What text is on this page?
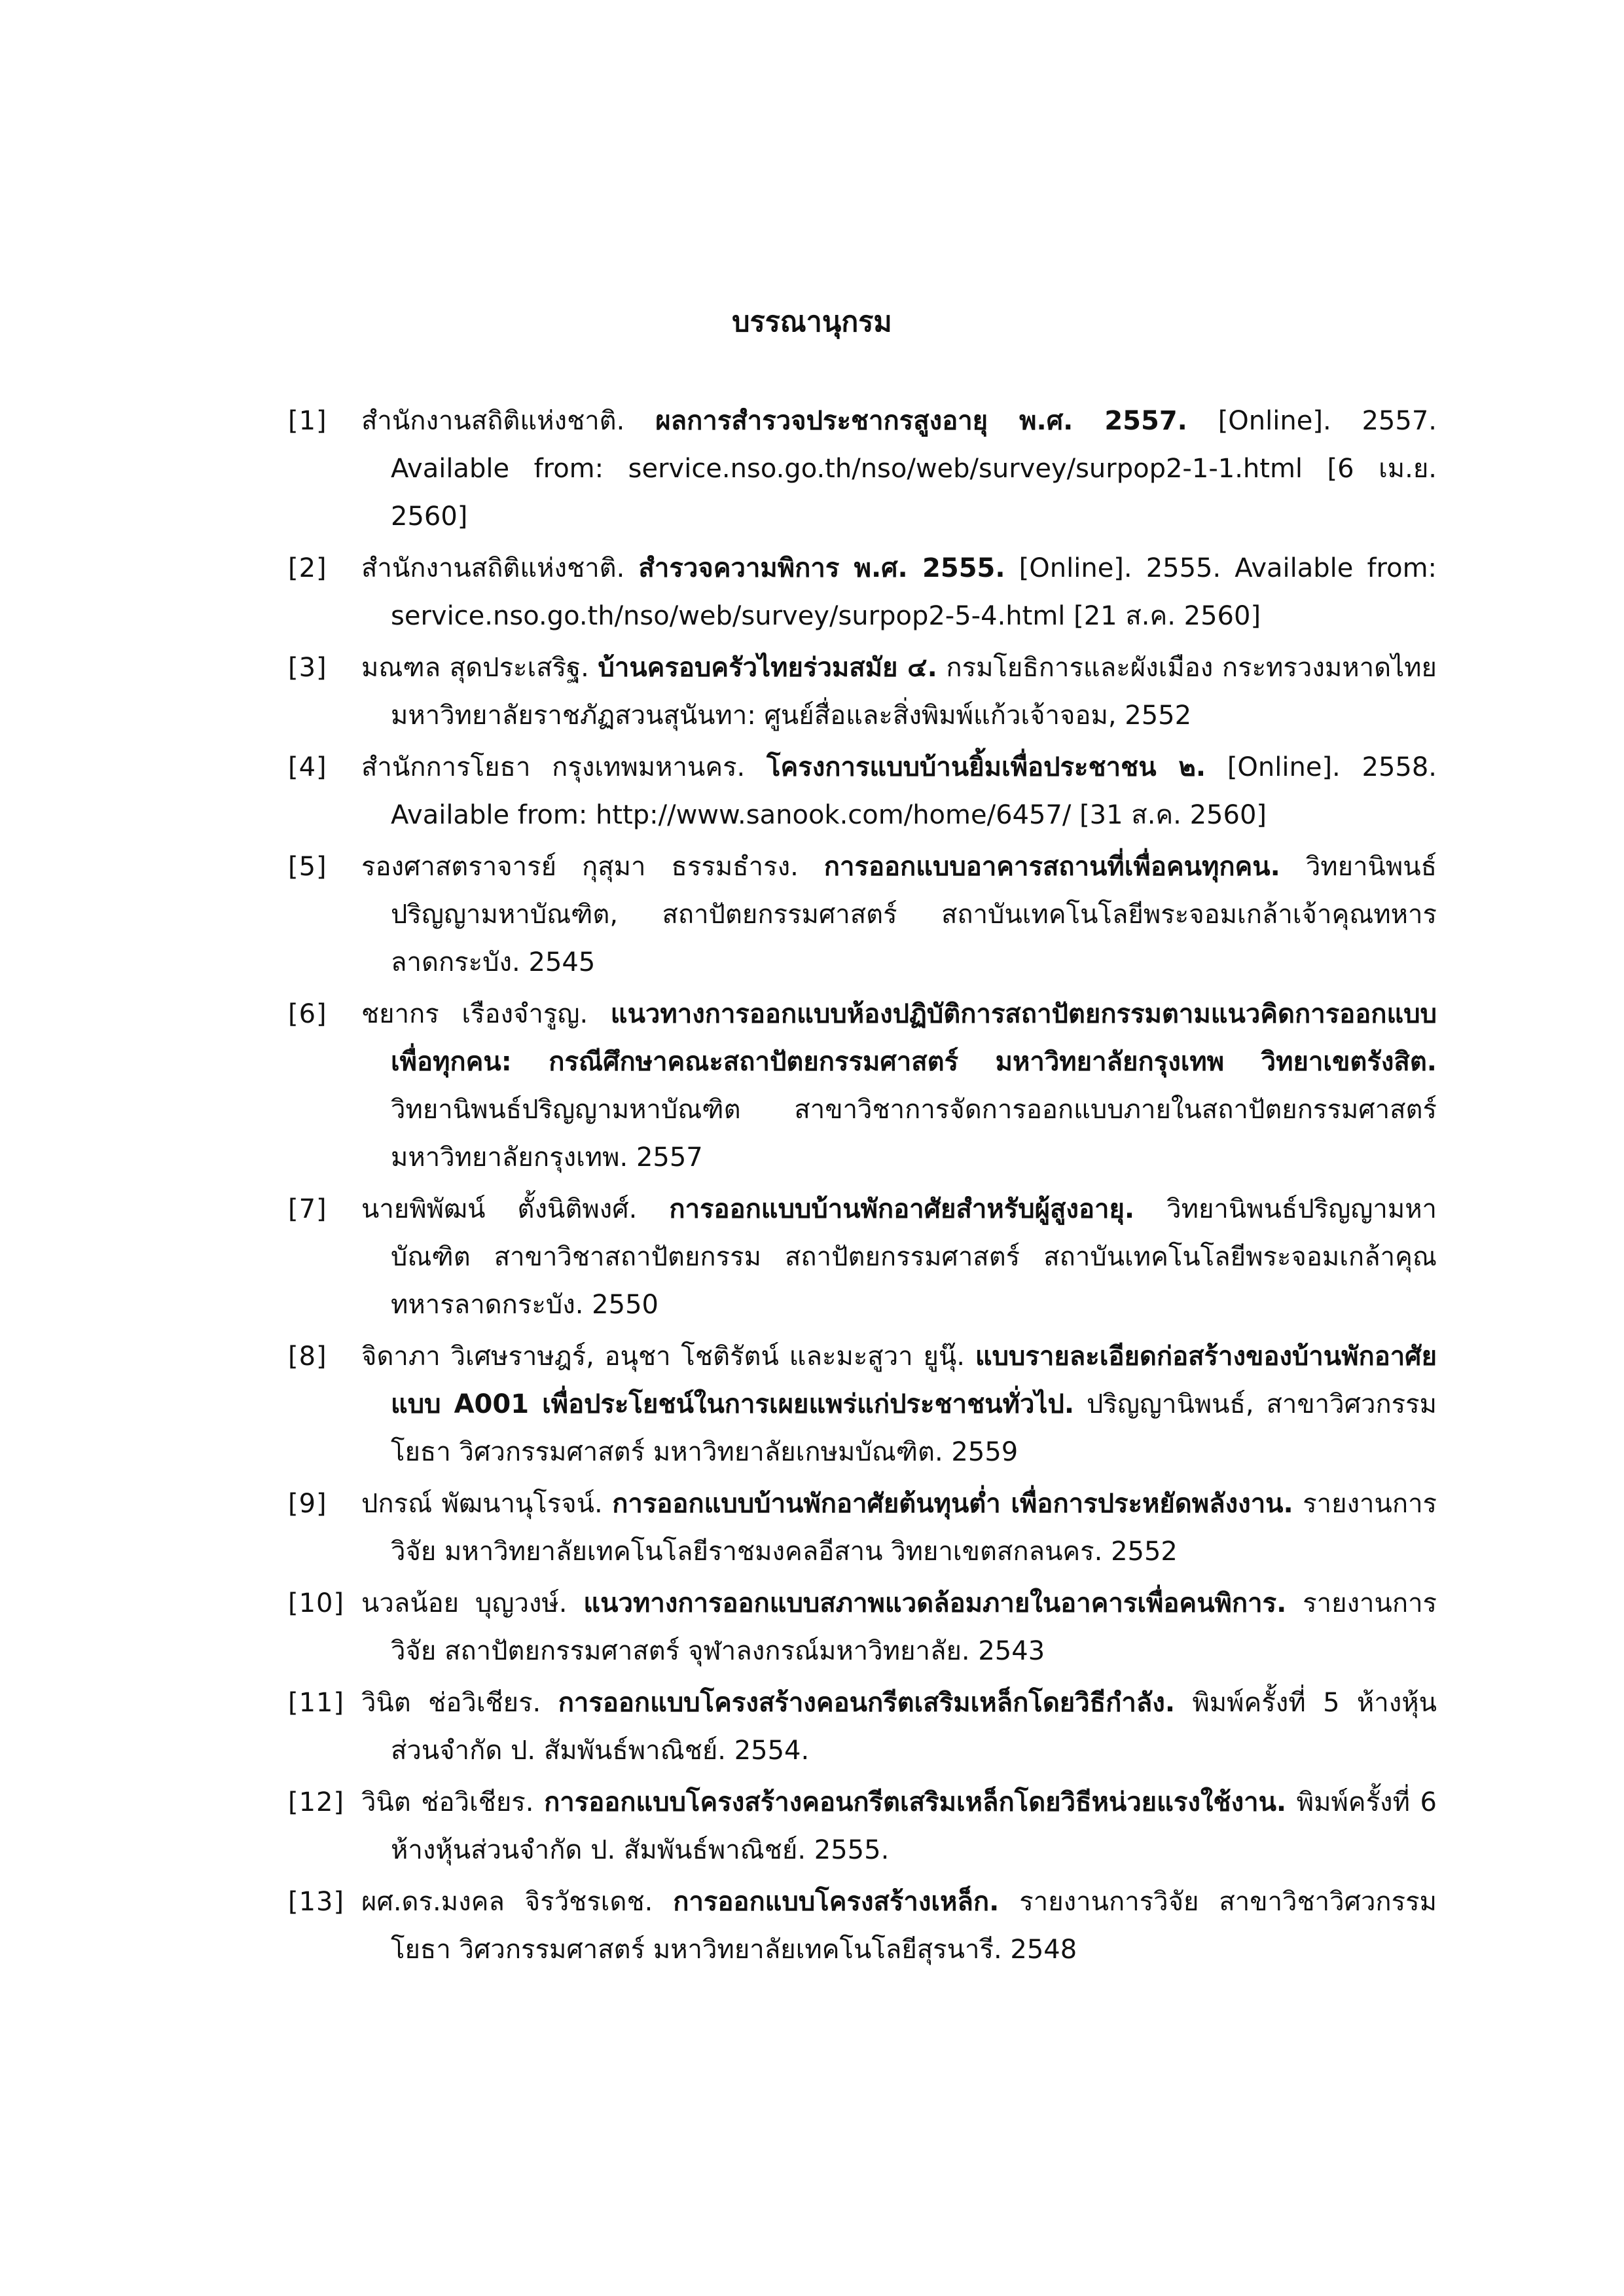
บรรณานุกรม
[1]	สำนักงานสถิติแห่งชาติ. ผลการสำรวจประชากรสูงอายุ พ.ศ. 2557. [Online]. 2557. Available from: service.nso.go.th/nso/web/survey/surpop2-1-1.html [6 เม.ย. 2560]
[2]	สำนักงานสถิติแห่งชาติ. สำรวจความพิการ พ.ศ. 2555. [Online]. 2555. Available from: service.nso.go.th/nso/web/survey/surpop2-5-4.html [21 ส.ค. 2560]
[3]	มณฑล สุดประเสริฐ. บ้านครอบครัวไทยร่วมสมัย ๔. กรมโยธิการและผังเมือง กระทรวงมหาดไทย มหาวิทยาลัยราชภัฏสวนสุนันทา: ศูนย์สื่อและสิ่งพิมพ์แก้วเจ้าจอม, 2552
[4]	สำนักการโยธา กรุงเทพมหานคร. โครงการแบบบ้านยิ้มเพื่อประชาชน ๒. [Online]. 2558. Available from: http://www.sanook.com/home/6457/ [31 ส.ค. 2560]
[5]	รองศาสตราจารย์ กุสุมา ธรรมธำรง. การออกแบบอาคารสถานที่เพื่อคนทุกคน. วิทยานิพนธ์ปริญญามหาบัณฑิต, สถาปัตยกรรมศาสตร์ สถาบันเทคโนโลยีพระจอมเกล้าเจ้าคุณทหารลาดกระบัง. 2545
[6]	ชยากร เรืองจำรูญ. แนวทางการออกแบบห้องปฏิบัติการสถาปัตยกรรมตามแนวคิดการออกแบบเพื่อทุกคน: กรณีศึกษาคณะสถาปัตยกรรมศาสตร์ มหาวิทยาลัยกรุงเทพ วิทยาเขตรังสิต. วิทยานิพนธ์ปริญญามหาบัณฑิต สาขาวิชาการจัดการออกแบบภายในสถาปัตยกรรมศาสตร์ มหาวิทยาลัยกรุงเทพ. 2557
[7]	นายพิพัฒน์ ตั้งนิติพงศ์. การออกแบบบ้านพักอาศัยสำหรับผู้สูงอายุ. วิทยานิพนธ์ปริญญามหาบัณฑิต สาขาวิชาสถาปัตยกรรม สถาปัตยกรรมศาสตร์ สถาบันเทคโนโลยีพระจอมเกล้าคุณทหารลาดกระบัง. 2550
[8]	จิดาภา วิเศษราษฎร์, อนุชา โชติรัตน์ และมะสูวา ยูนุ๊. แบบรายละเอียดก่อสร้างของบ้านพักอาศัย แบบ A001 เพื่อประโยชน์ในการเผยแพร่แก่ประชาชนทั่วไป. ปริญญานิพนธ์, สาขาวิศวกรรมโยธา วิศวกรรมศาสตร์ มหาวิทยาลัยเกษมบัณฑิต. 2559
[9]	ปกรณ์ พัฒนานุโรจน์. การออกแบบบ้านพักอาศัยต้นทุนต่ำ เพื่อการประหยัดพลังงาน. รายงานการวิจัย มหาวิทยาลัยเทคโนโลยีราชมงคลอีสาน วิทยาเขตสกลนคร. 2552
[10] นวลน้อย บุญวงษ์. แนวทางการออกแบบสภาพแวดล้อมภายในอาคารเพื่อคนพิการ. รายงานการวิจัย สถาปัตยกรรมศาสตร์ จุฬาลงกรณ์มหาวิทยาลัย. 2543
[11] วินิต ช่อวิเชียร. การออกแบบโครงสร้างคอนกรีตเสริมเหล็กโดยวิธีกำลัง. พิมพ์ครั้งที่ 5 ห้างหุ้นส่วนจำกัด ป. สัมพันธ์พาณิชย์. 2554.
[12] วินิต ช่อวิเชียร. การออกแบบโครงสร้างคอนกรีตเสริมเหล็กโดยวิธีหน่วยแรงใช้งาน. พิมพ์ครั้งที่ 6 ห้างหุ้นส่วนจำกัด ป. สัมพันธ์พาณิชย์. 2555.
[13] ผศ.ดร.มงคล จิรวัชรเดช. การออกแบบโครงสร้างเหล็ก. รายงานการวิจัย สาขาวิชาวิศวกรรมโยธา วิศวกรรมศาสตร์ มหาวิทยาลัยเทคโนโลยีสุรนารี. 2548
